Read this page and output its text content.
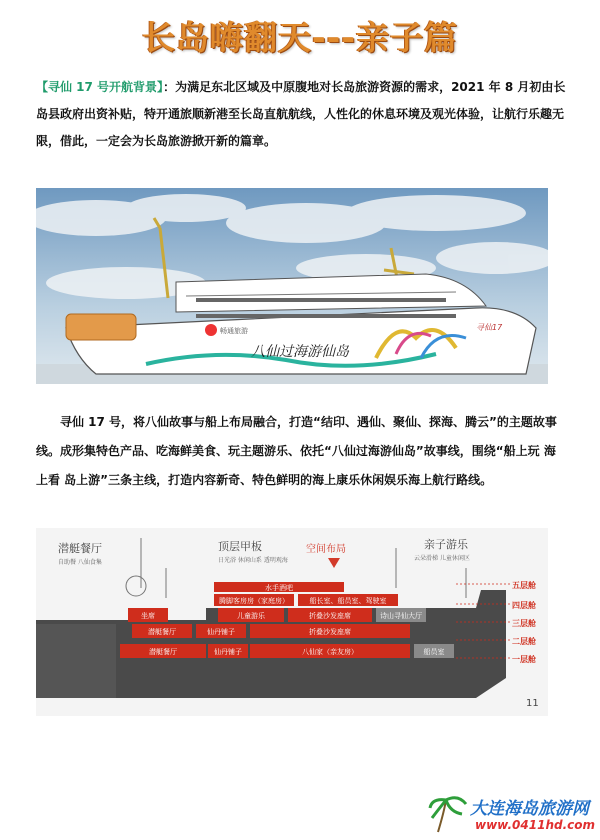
长岛嗨翻天---亲子篇
【寻仙 17 号开航背景】：为满足东北区域及中原腹地对长岛旅游资源的需求，2021 年 8 月初由长岛县政府出资补贴，特开通旅顺新港至长岛直航航线，人性化的休息环境及观光体验，让航行乐趣无限，借此，一定会为长岛旅游掀开新的篇章。
畅通旅游
八仙过海游仙岛
寻仙17
寻仙 17 号，将八仙故事与船上布局融合，打造“结印、遇仙、聚仙、探海、腾云”的主题故事线。成形集特色产品、吃海鲜美食、玩主题游乐、依托“八仙过海游仙岛”故事线，围绕“船上玩 海上看 岛上游”三条主线，打造内容新奇、特色鲜明的海上康乐休闲娱乐海上航行路线。
潜艇餐厅
自助餐 八仙食集
顶层甲板
日光浴 休闲山系 透明观海
空间布局	亲子游乐
云朵滑梯 儿童休闲区
水手酒吧
腾脚客房房（家庭房）	船长室、船员室、驾驶室
坐席	儿童游乐	折叠沙发座席	诗山寻仙大厅
潜艇餐厅	仙丹铺子	折叠沙发座席
潜艇餐厅	仙丹铺子	八仙家（亲友房）	船员室
五层舱
四层舱
三层舱
二层舱
一层舱
11
大连海岛旅游网
www.0411hd.com
